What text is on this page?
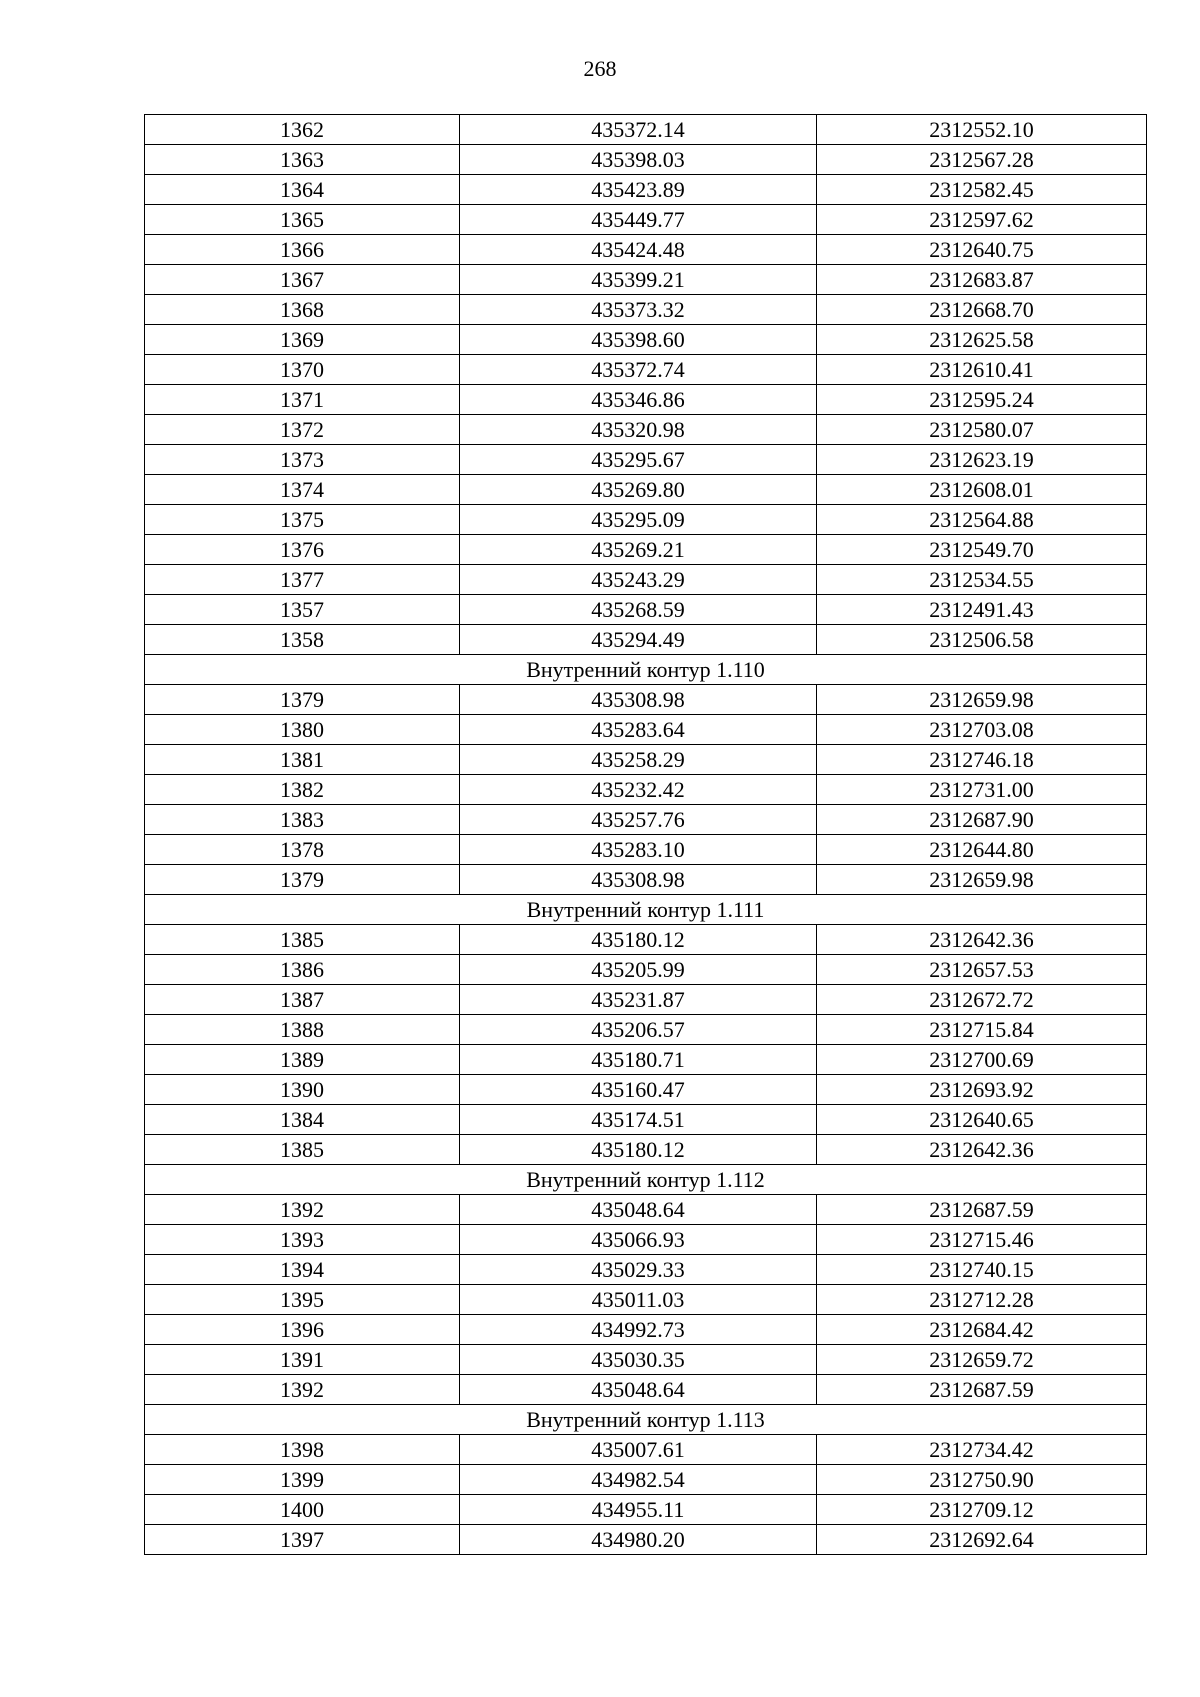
268
1362	435372.14	2312552.10
1363	435398.03	2312567.28
1364	435423.89	2312582.45
1365	435449.77	2312597.62
1366	435424.48	2312640.75
1367	435399.21	2312683.87
1368	435373.32	2312668.70
1369	435398.60	2312625.58
1370	435372.74	2312610.41
1371	435346.86	2312595.24
1372	435320.98	2312580.07
1373	435295.67	2312623.19
1374	435269.80	2312608.01
1375	435295.09	2312564.88
1376	435269.21	2312549.70
1377	435243.29	2312534.55
1357	435268.59	2312491.43
1358	435294.49	2312506.58
Внутренний контур 1.110		
1379	435308.98	2312659.98
1380	435283.64	2312703.08
1381	435258.29	2312746.18
1382	435232.42	2312731.00
1383	435257.76	2312687.90
1378	435283.10	2312644.80
1379	435308.98	2312659.98
Внутренний контур 1.111		
1385	435180.12	2312642.36
1386	435205.99	2312657.53
1387	435231.87	2312672.72
1388	435206.57	2312715.84
1389	435180.71	2312700.69
1390	435160.47	2312693.92
1384	435174.51	2312640.65
1385	435180.12	2312642.36
Внутренний контур 1.112		
1392	435048.64	2312687.59
1393	435066.93	2312715.46
1394	435029.33	2312740.15
1395	435011.03	2312712.28
1396	434992.73	2312684.42
1391	435030.35	2312659.72
1392	435048.64	2312687.59
Внутренний контур 1.113		
1398	435007.61	2312734.42
1399	434982.54	2312750.90
1400	434955.11	2312709.12
1397	434980.20	2312692.64
